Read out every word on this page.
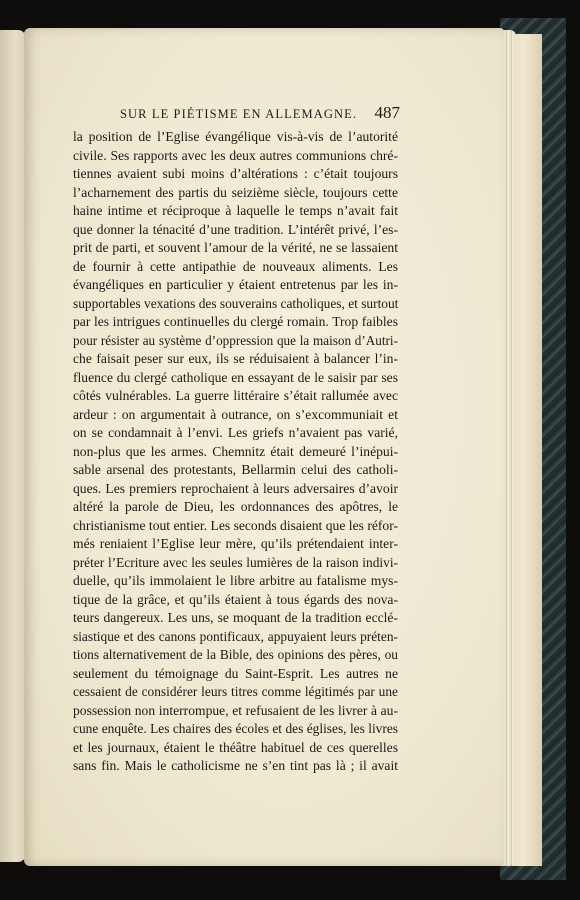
SUR LE PIÉTISME EN ALLEMAGNE. 487
la position de l’Eglise évangélique vis-à-vis de l’autorité
civile. Ses rapports avec les deux autres communions chré-
tiennes avaient subi moins d’altérations : c’était toujours
l’acharnement des partis du seizième siècle, toujours cette
haine intime et réciproque à laquelle le temps n’avait fait
que donner la ténacité d’une tradition. L’intérêt privé, l’es-
prit de parti, et souvent l’amour de la vérité, ne se lassaient
de fournir à cette antipathie de nouveaux aliments. Les
évangéliques en particulier y étaient entretenus par les in-
supportables vexations des souverains catholiques, et surtout
par les intrigues continuelles du clergé romain. Trop faibles
pour résister au système d’oppression que la maison d’Autri-
che faisait peser sur eux, ils se réduisaient à balancer l’in-
fluence du clergé catholique en essayant de le saisir par ses
côtés vulnérables. La guerre littéraire s’était rallumée avec
ardeur : on argumentait à outrance, on s’excommuniait et
on se condamnait à l’envi. Les griefs n’avaient pas varié,
non-plus que les armes. Chemnitz était demeuré l’inépui-
sable arsenal des protestants, Bellarmin celui des catholi-
ques. Les premiers reprochaient à leurs adversaires d’avoir
altéré la parole de Dieu, les ordonnances des apôtres, le
christianisme tout entier. Les seconds disaient que les réfor-
més reniaient l’Eglise leur mère, qu’ils prétendaient inter-
préter l’Ecriture avec les seules lumières de la raison indivi-
duelle, qu’ils immolaient le libre arbitre au fatalisme mys-
tique de la grâce, et qu’ils étaient à tous égards des nova-
teurs dangereux. Les uns, se moquant de la tradition ecclé-
siastique et des canons pontificaux, appuyaient leurs préten-
tions alternativement de la Bible, des opinions des pères, ou
seulement du témoignage du Saint-Esprit. Les autres ne
cessaient de considérer leurs titres comme légitimés par une
possession non interrompue, et refusaient de les livrer à au-
cune enquête. Les chaires des écoles et des églises, les livres
et les journaux, étaient le théâtre habituel de ces querelles
sans fin. Mais le catholicisme ne s’en tint pas là ; il avait
